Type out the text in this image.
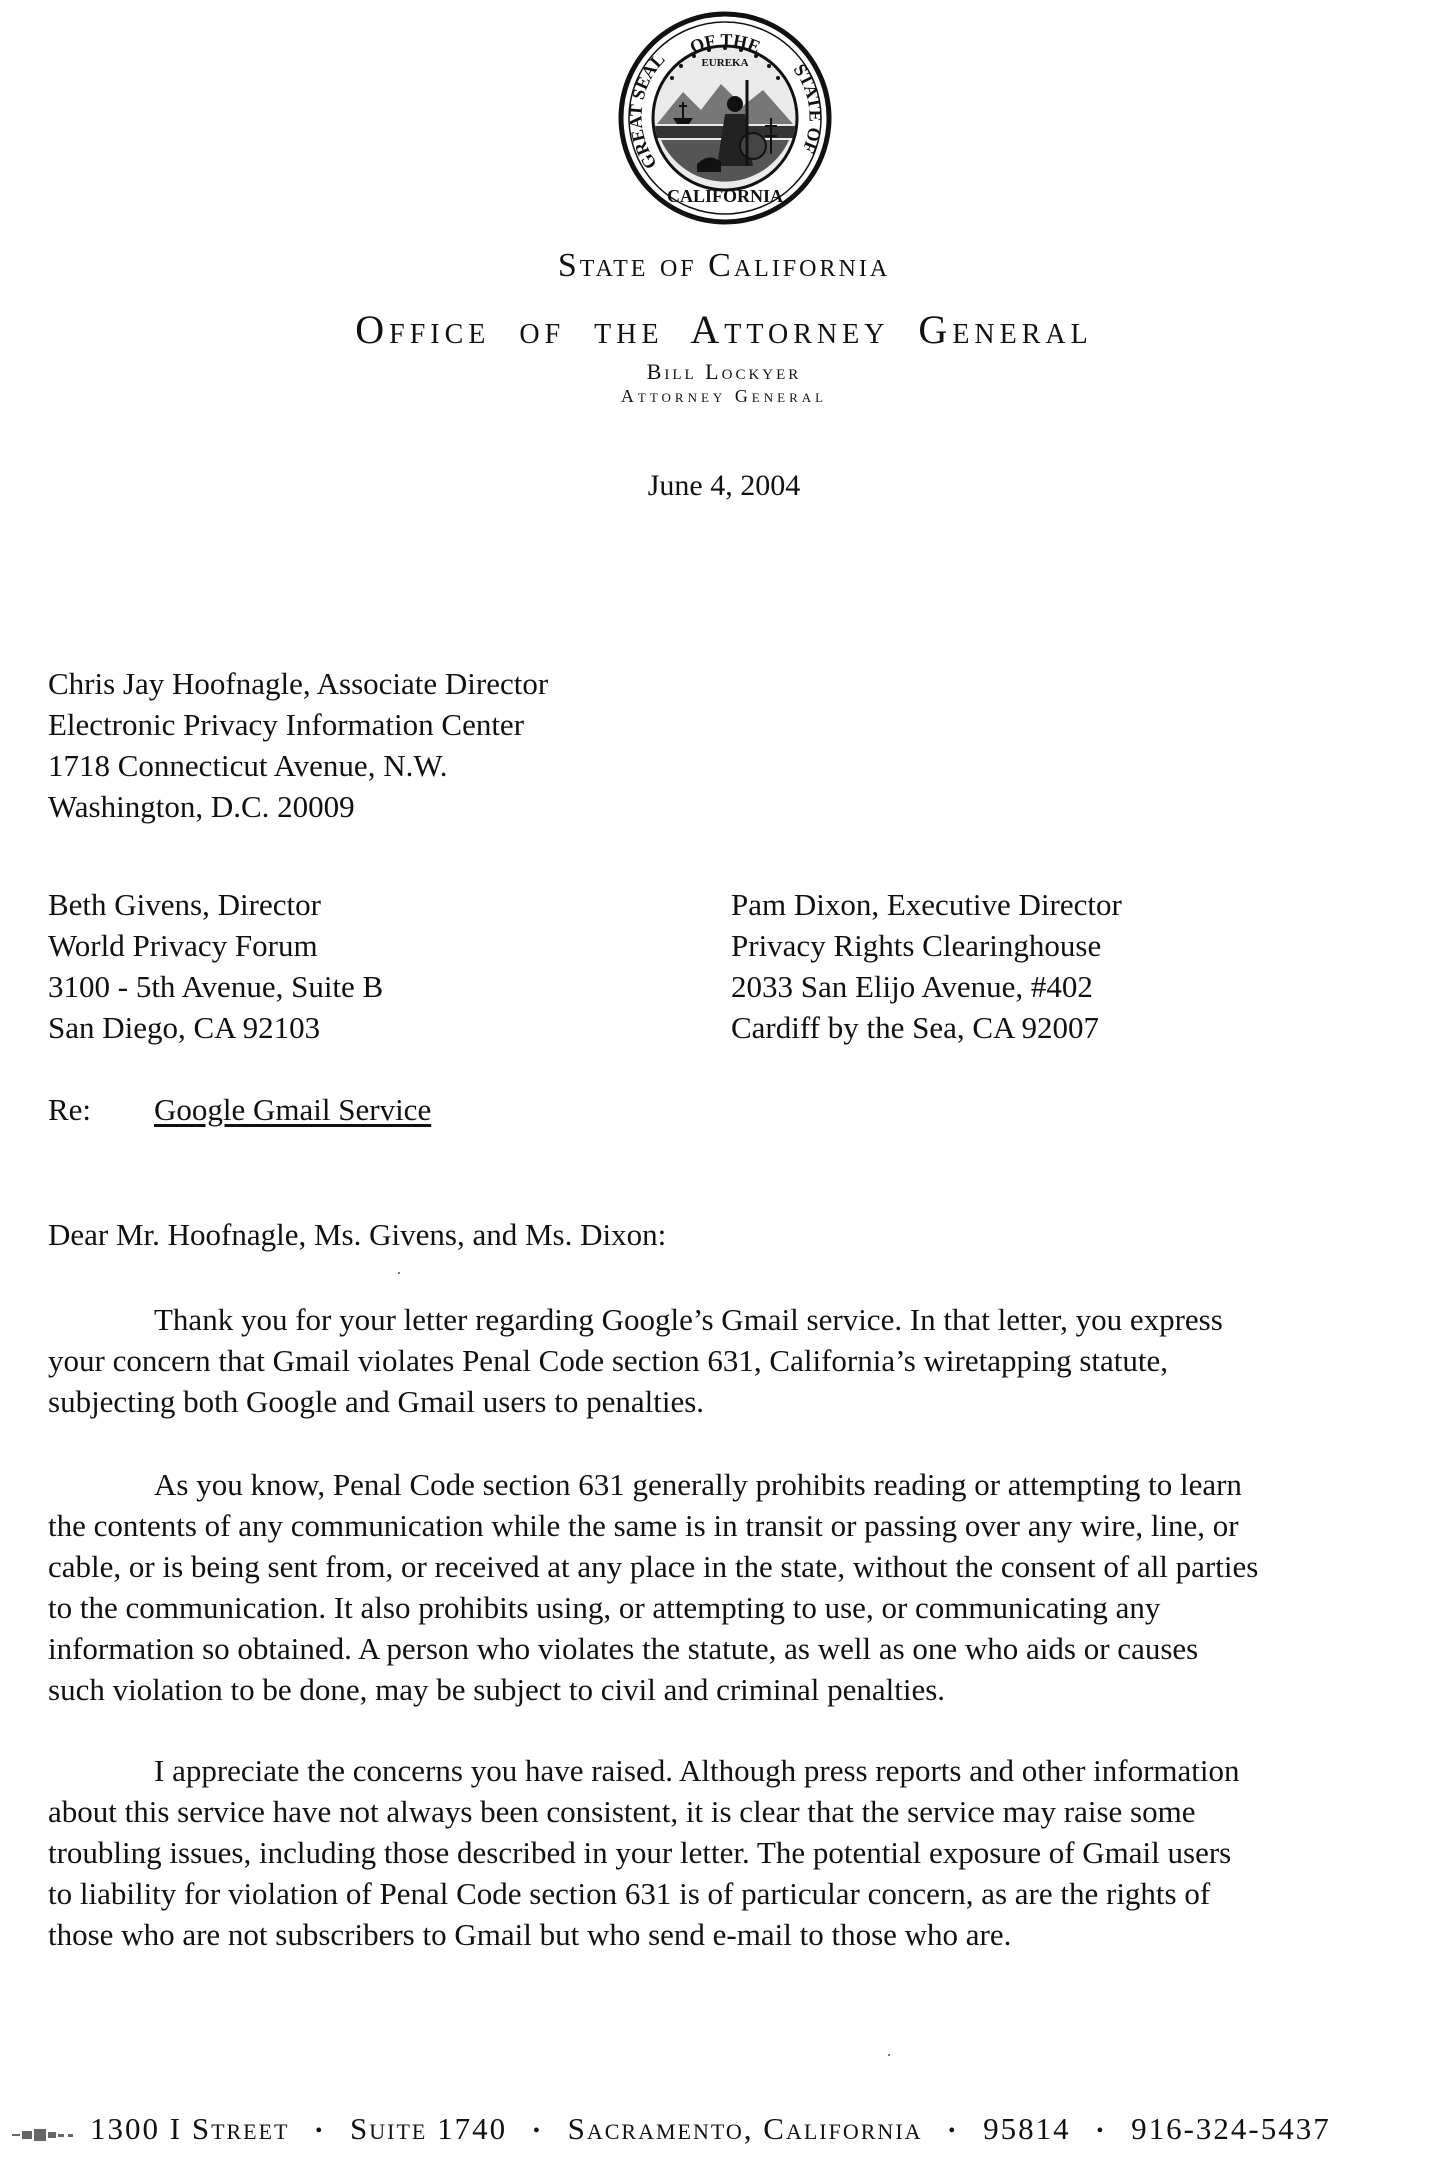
OF THE
EUREKA
GREAT SEAL	STATE OF
CALIFORNIA
State of California
Office of the Attorney General
Bill Lockyer
Attorney General
June 4, 2004
Chris Jay Hoofnagle, Associate Director
Electronic Privacy Information Center
1718 Connecticut Avenue, N.W.
Washington, D.C. 20009
Beth Givens, Director
World Privacy Forum
3100 - 5th Avenue, Suite B
San Diego, CA 92103
Pam Dixon, Executive Director
Privacy Rights Clearinghouse
2033 San Elijo Avenue, #402
Cardiff by the Sea, CA 92007
Re: Google Gmail Service
Dear Mr. Hoofnagle, Ms. Givens, and Ms. Dixon:
Thank you for your letter regarding Google’s Gmail service. In that letter, you express
your concern that Gmail violates Penal Code section 631, California’s wiretapping statute,
subjecting both Google and Gmail users to penalties.
As you know, Penal Code section 631 generally prohibits reading or attempting to learn
the contents of any communication while the same is in transit or passing over any wire, line, or
cable, or is being sent from, or received at any place in the state, without the consent of all parties
to the communication. It also prohibits using, or attempting to use, or communicating any
information so obtained. A person who violates the statute, as well as one who aids or causes
such violation to be done, may be subject to civil and criminal penalties.
I appreciate the concerns you have raised. Although press reports and other information
about this service have not always been consistent, it is clear that the service may raise some
troubling issues, including those described in your letter. The potential exposure of Gmail users
to liability for violation of Penal Code section 631 is of particular concern, as are the rights of
those who are not subscribers to Gmail but who send e-mail to those who are.
1300 I Street • Suite 1740 • Sacramento, California • 95814 • 916-324-5437
